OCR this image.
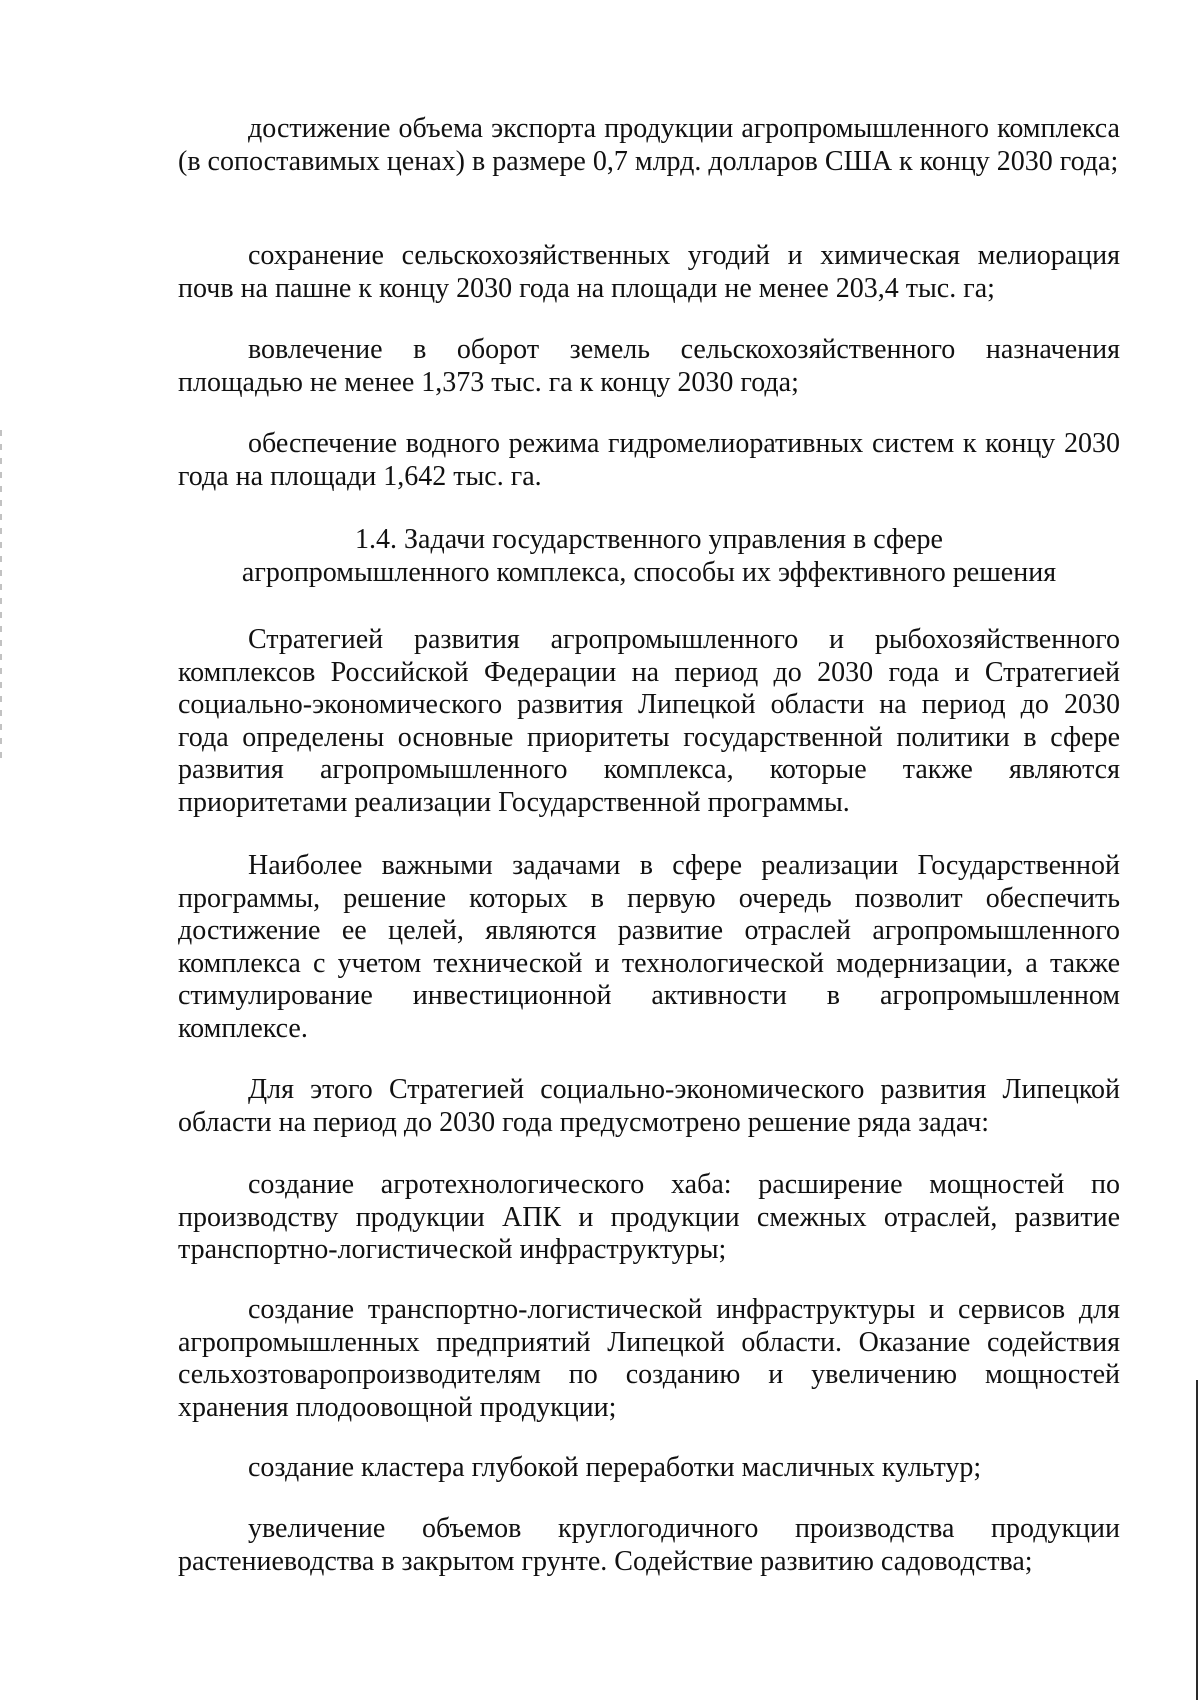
достижение объема экспорта продукции агропромышленного комплекса (в сопоставимых ценах) в размере 0,7 млрд. долларов США к концу 2030 года;

сохранение сельскохозяйственных угодий и химическая мелиорация почв на пашне к концу 2030 года на площади не менее 203,4 тыс. га;

вовлечение в оборот земель сельскохозяйственного назначения площадью не менее 1,373 тыс. га к концу 2030 года;

обеспечение водного режима гидромелиоративных систем к концу 2030 года на площади 1,642 тыс. га.

1.4. Задачи государственного управления в сфере
агропромышленного комплекса, способы их эффективного решения

Стратегией развития агропромышленного и рыбохозяйственного комплексов Российской Федерации на период до 2030 года и Стратегией социально-экономического развития Липецкой области на период до 2030 года определены основные приоритеты государственной политики в сфере развития агропромышленного комплекса, которые также являются приоритетами реализации Государственной программы.

Наиболее важными задачами в сфере реализации Государственной программы, решение которых в первую очередь позволит обеспечить достижение ее целей, являются развитие отраслей агропромышленного комплекса с учетом технической и технологической модернизации, а также стимулирование инвестиционной активности в агропромышленном комплексе.

Для этого Стратегией социально-экономического развития Липецкой области на период до 2030 года предусмотрено решение ряда задач:

создание агротехнологического хаба: расширение мощностей по производству продукции АПК и продукции смежных отраслей, развитие транспортно-логистической инфраструктуры;

создание транспортно-логистической инфраструктуры и сервисов для агропромышленных предприятий Липецкой области. Оказание содействия сельхозтоваропроизводителям по созданию и увеличению мощностей хранения плодоовощной продукции;

создание кластера глубокой переработки масличных культур;

увеличение объемов круглогодичного производства продукции растениеводства в закрытом грунте. Содействие развитию садоводства;
